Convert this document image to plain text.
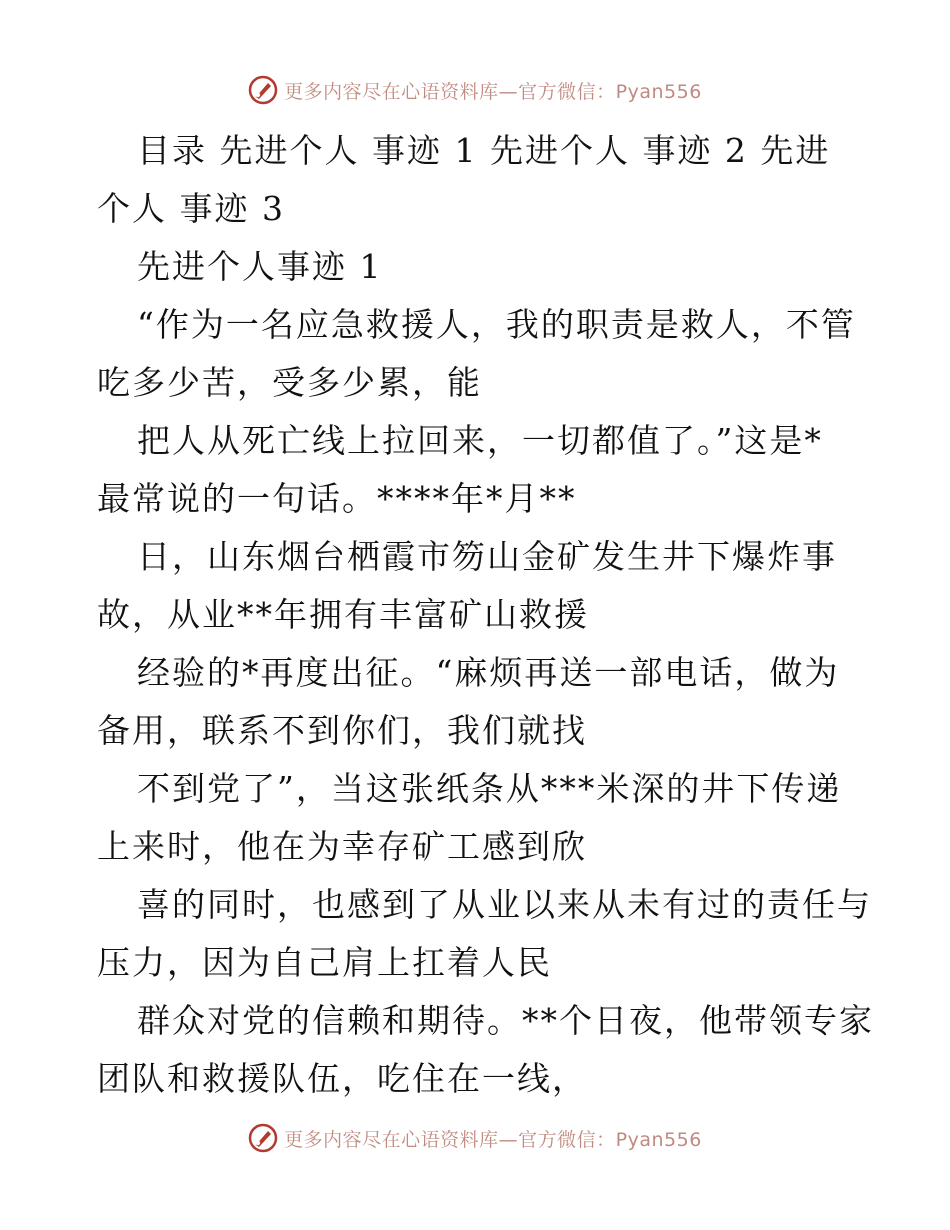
更多内容尽在心语资料库—官方微信：Pyan556
目录 先进个人 事迹 1 先进个人 事迹 2 先进
个人 事迹 3
先进个人事迹 1
“作为一名应急救援人，我的职责是救人，不管
吃多少苦，受多少累，能
把人从死亡线上拉回来，一切都值了。”这是*
最常说的一句话。****年*月**
日，山东烟台栖霞市笏山金矿发生井下爆炸事
故，从业**年拥有丰富矿山救援
经验的*再度出征。“麻烦再送一部电话，做为
备用，联系不到你们，我们就找
不到党了”，当这张纸条从***米深的井下传递
上来时，他在为幸存矿工感到欣
喜的同时，也感到了从业以来从未有过的责任与
压力，因为自己肩上扛着人民
群众对党的信赖和期待。**个日夜，他带领专家
团队和救援队伍，吃住在一线，
更多内容尽在心语资料库—官方微信：Pyan556
